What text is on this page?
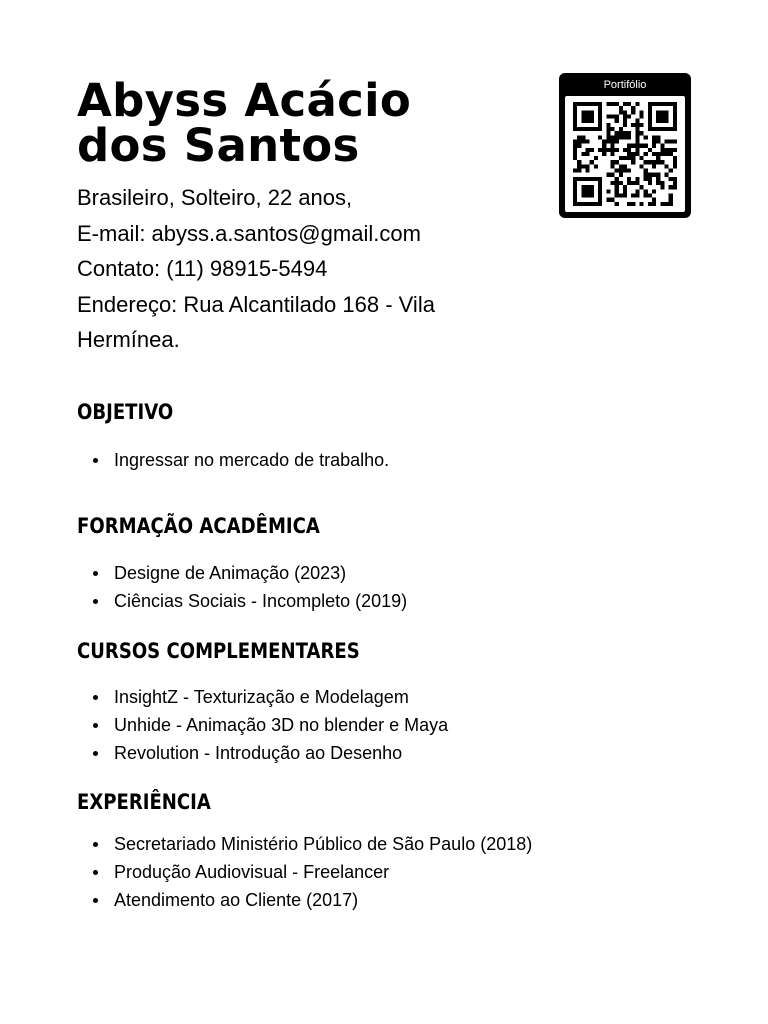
Abyss Acácio
dos Santos
Brasileiro, Solteiro, 22 anos,
E-mail: abyss.a.santos@gmail.com
Contato: (11) 98915-5494
Endereço: Rua Alcantilado 168 - Vila
Hermínea.
Portifólio
OBJETIVO
Ingressar no mercado de trabalho.
FORMAÇÃO ACADÊMICA
Designe de Animação (2023)
Ciências Sociais - Incompleto (2019)
CURSOS COMPLEMENTARES
InsightZ - Texturização e Modelagem
Unhide - Animação 3D no blender e Maya
Revolution - Introdução ao Desenho
EXPERIÊNCIA
Secretariado Ministério Público de São Paulo (2018)
Produção Audiovisual - Freelancer
Atendimento ao Cliente (2017)
